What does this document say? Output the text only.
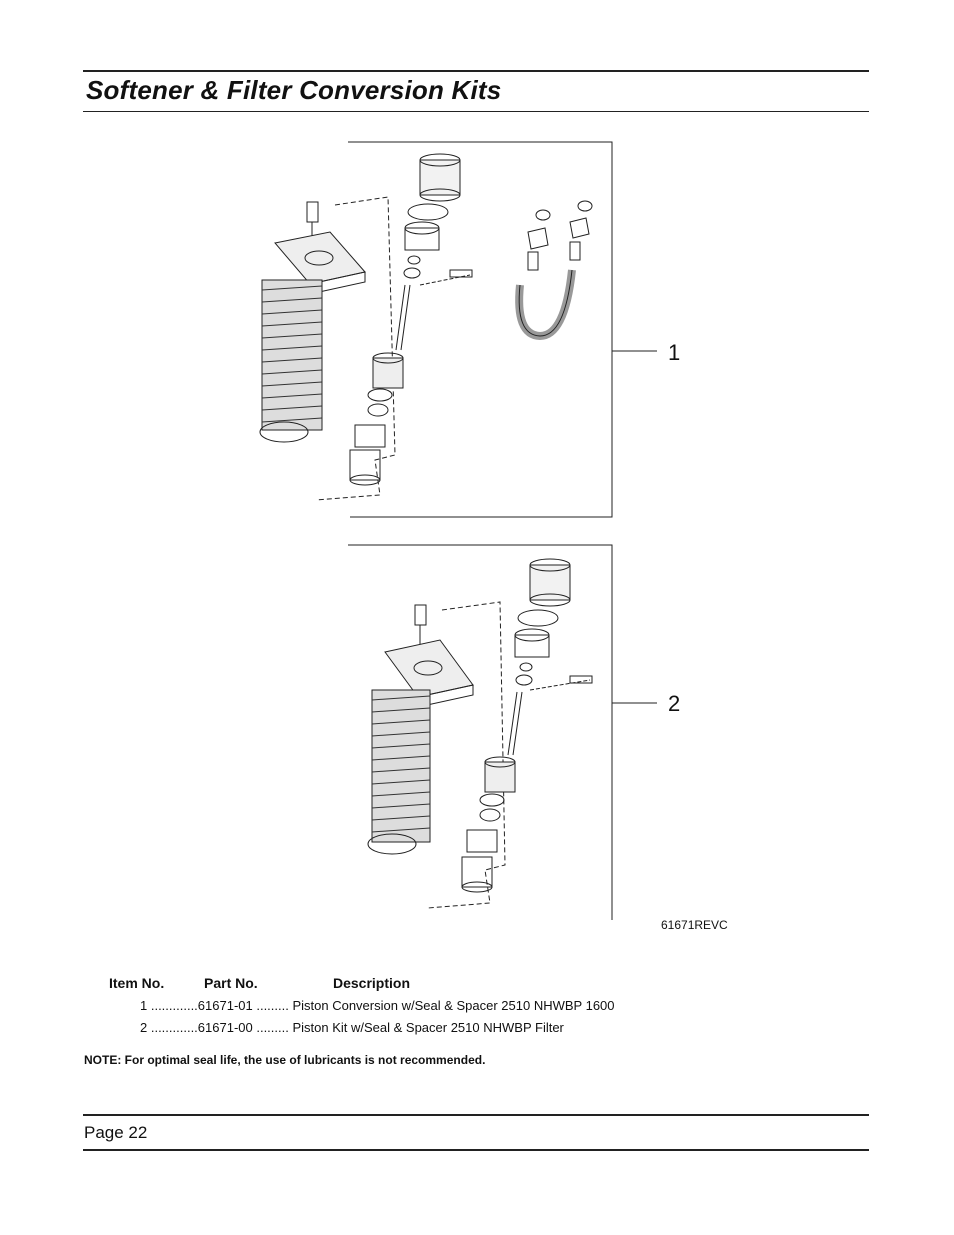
Softener & Filter Conversion Kits
1
2
61671REVC
Item No.	Part No.	Description
1 .............61671-01 ......... Piston Conversion w/Seal & Spacer 2510 NHWBP 1600
2 .............61671-00 ......... Piston Kit w/Seal & Spacer 2510 NHWBP Filter
NOTE: For optimal seal life, the use of lubricants is not recommended.
Page 22
